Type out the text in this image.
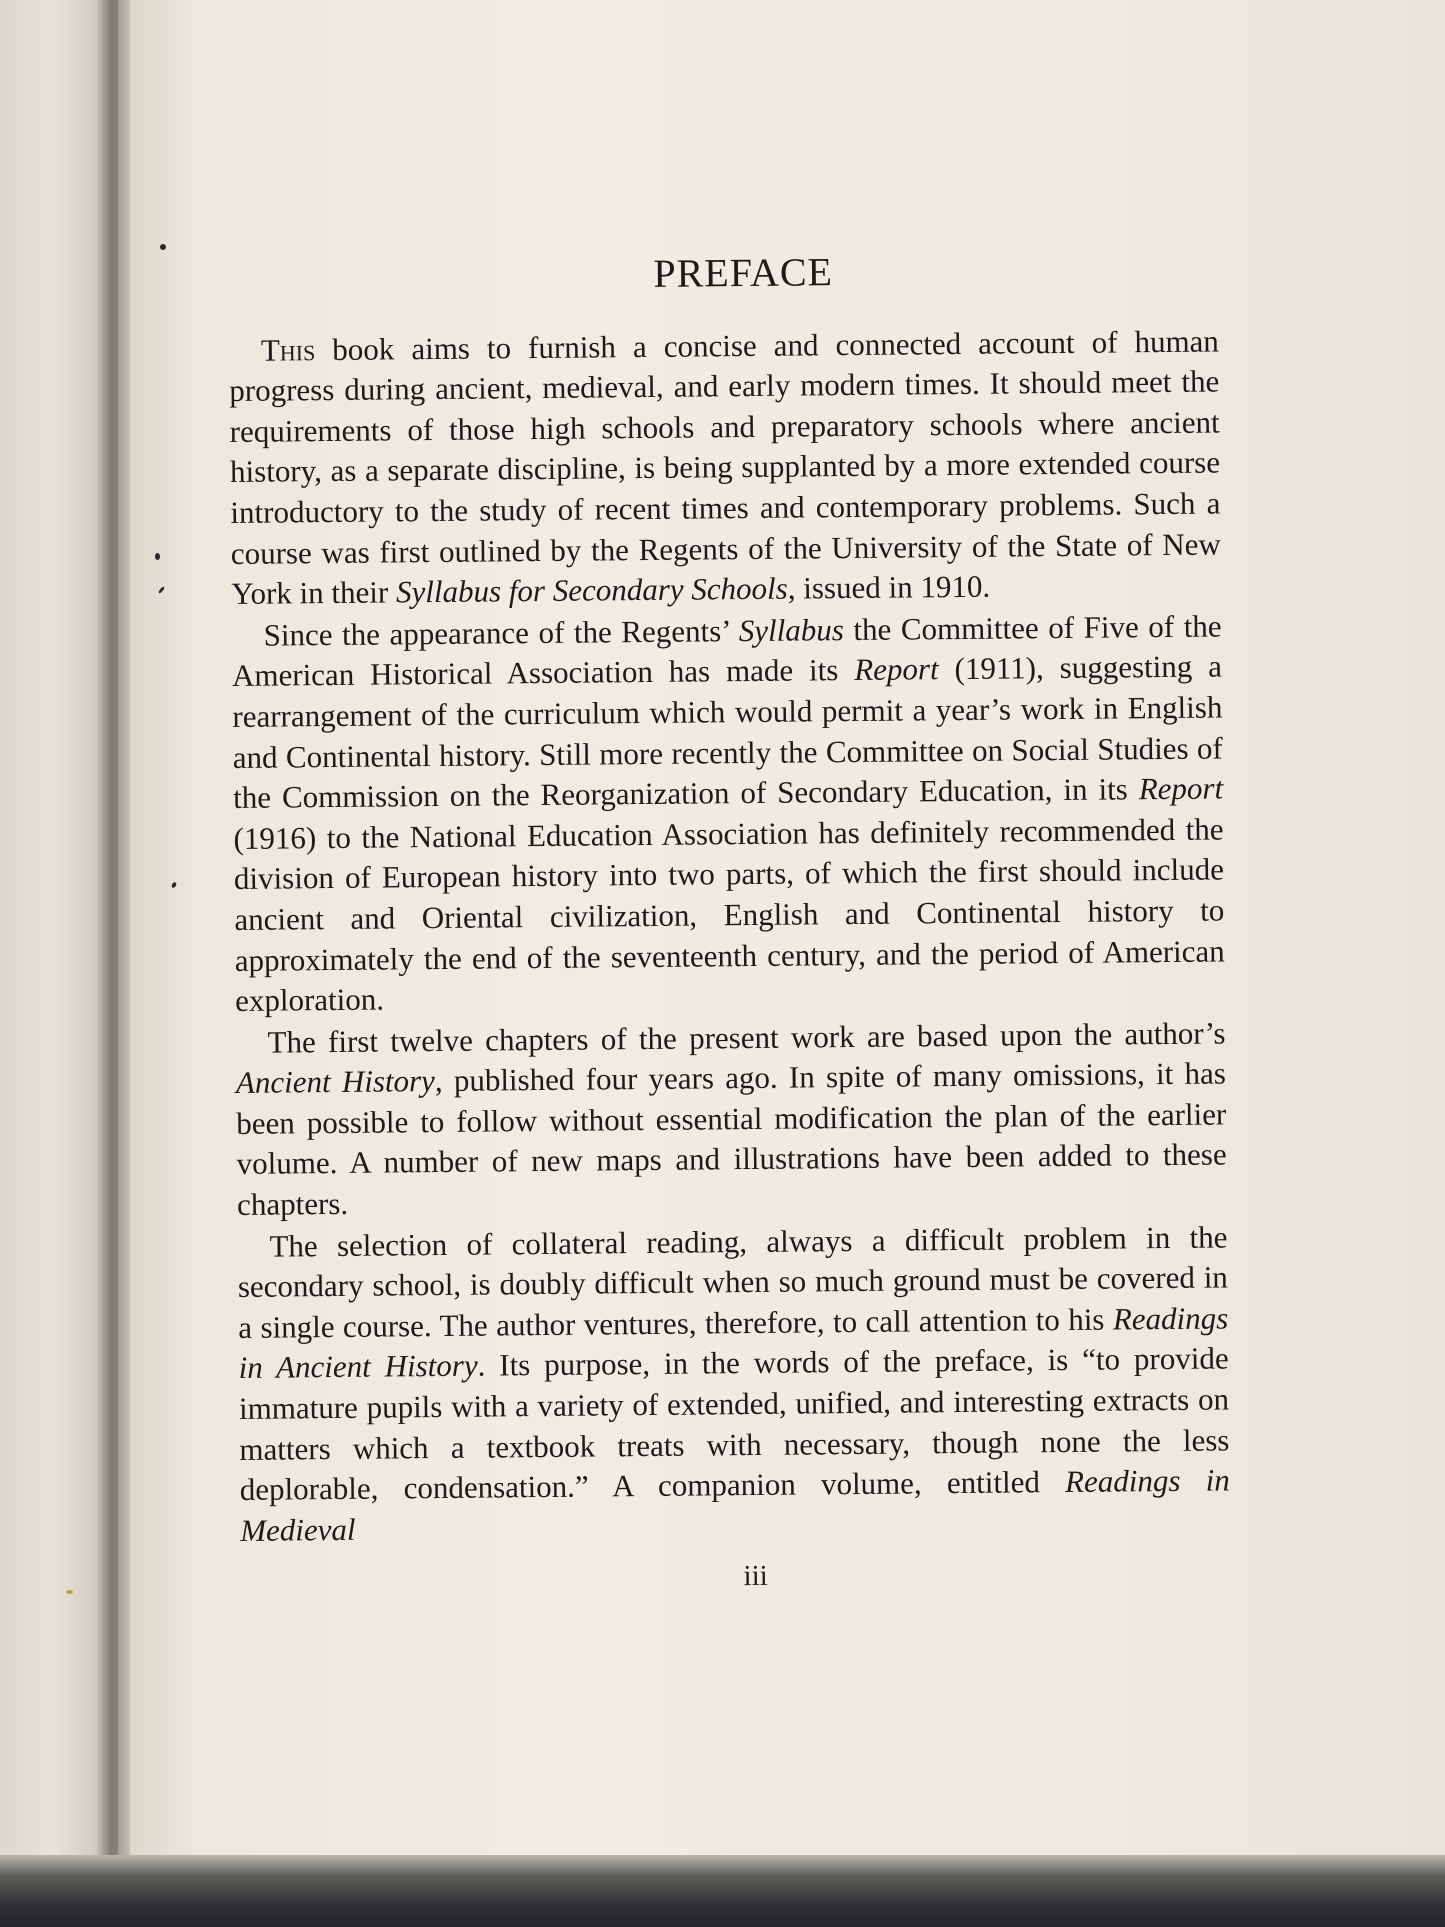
PREFACE

This book aims to furnish a concise and connected account of human progress during ancient, medieval, and early modern times. It should meet the requirements of those high schools and preparatory schools where ancient history, as a separate discipline, is being supplanted by a more extended course introductory to the study of recent times and contemporary problems. Such a course was first outlined by the Regents of the University of the State of New York in their Syllabus for Secondary Schools, issued in 1910.

Since the appearance of the Regents’ Syllabus the Committee of Five of the American Historical Association has made its Report (1911), suggesting a rearrangement of the curriculum which would permit a year’s work in English and Continental history. Still more recently the Committee on Social Studies of the Commission on the Reorganization of Secondary Education, in its Report (1916) to the National Education Association has definitely recommended the division of European history into two parts, of which the first should include ancient and Oriental civilization, English and Continental history to approximately the end of the seventeenth century, and the period of American exploration.

The first twelve chapters of the present work are based upon the author’s Ancient History, published four years ago. In spite of many omissions, it has been possible to follow without essential modification the plan of the earlier volume. A number of new maps and illustrations have been added to these chapters.

The selection of collateral reading, always a difficult problem in the secondary school, is doubly difficult when so much ground must be covered in a single course. The author ventures, therefore, to call attention to his Readings in Ancient History. Its purpose, in the words of the preface, is “to provide immature pupils with a variety of extended, unified, and interesting extracts on matters which a textbook treats with necessary, though none the less deplorable, condensation.” A companion volume, entitled Readings in Medieval

iii
